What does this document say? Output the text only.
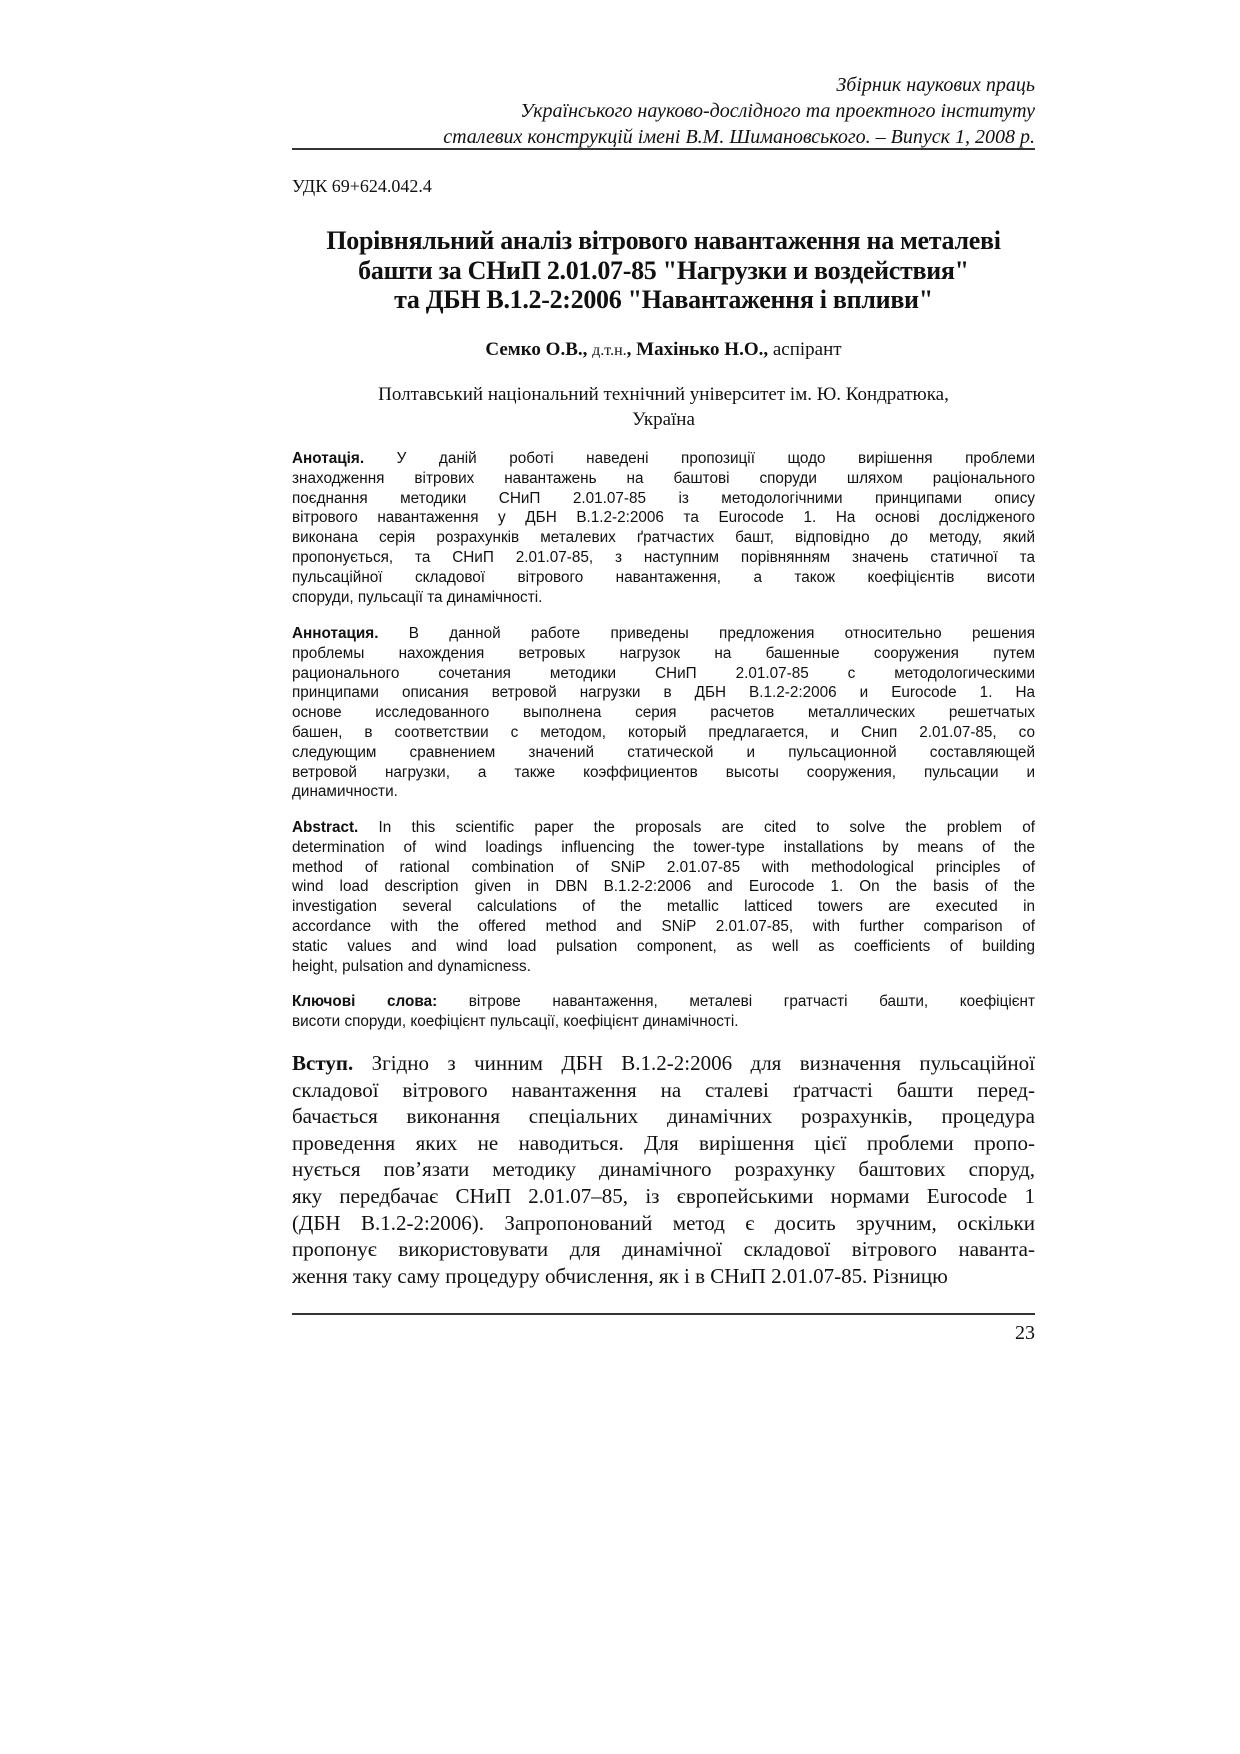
Збірник наукових праць
Українського науково-дослідного та проектного інституту
сталевих конструкцій імені В.М. Шимановського. – Випуск 1, 2008 р.
УДК 69+624.042.4
Порівняльний аналіз вітрового навантаження на металеві
башти за СНиП 2.01.07-85 "Нагрузки и воздействия"
та ДБН В.1.2-2:2006 "Навантаження і впливи"
Семко О.В., д.т.н., Махінько Н.О., аспірант
Полтавський національний технічний університет ім. Ю. Кондратюка,
Україна
Анотація. У даній роботі наведені пропозиції щодо вирішення проблеми
знаходження вітрових навантажень на баштові споруди шляхом раціонального
поєднання методики СНиП 2.01.07-85 із методологічними принципами опису
вітрового навантаження у ДБН В.1.2-2:2006 та Eurocode 1. На основі дослідженого
виконана серія розрахунків металевих ґратчастих башт, відповідно до методу, який
пропонується, та СНиП 2.01.07-85, з наступним порівнянням значень статичної та
пульсаційної складової вітрового навантаження, а також коефіцієнтів висоти
споруди, пульсації та динамічності.
Аннотация. В данной работе приведены предложения относительно решения
проблемы нахождения ветровых нагрузок на башенные сооружения путем
рационального сочетания методики СНиП 2.01.07-85 с методологическими
принципами описания ветровой нагрузки в ДБН В.1.2-2:2006 и Eurocode 1. На
основе исследованного выполнена серия расчетов металлических решетчатых
башен, в соответствии с методом, который предлагается, и Снип 2.01.07-85, со
следующим сравнением значений статической и пульсационной составляющей
ветровой нагрузки, а также коэффициентов высоты сооружения, пульсации и
динамичности.
Abstract. In this scientific paper the proposals are cited to solve the problem of
determination of wind loadings influencing the tower-type installations by means of the
method of rational combination of SNiP 2.01.07-85 with methodological principles of
wind load description given in DBN B.1.2-2:2006 and Eurocode 1. On the basis of the
investigation several calculations of the metallic latticed towers are executed in
accordance with the offered method and SNiP 2.01.07-85, with further comparison of
static values and wind load pulsation component, as well as coefficients of building
height, pulsation and dynamicness.
Ключові слова: вітрове навантаження, металеві гратчасті башти, коефіцієнт
висоти споруди, коефіцієнт пульсації, коефіцієнт динамічності.
Вступ. Згідно з чинним ДБН В.1.2-2:2006 для визначення пульсаційної
складової вітрового навантаження на сталеві ґратчасті башти перед-
бачається виконання спеціальних динамічних розрахунків, процедура
проведення яких не наводиться. Для вирішення цієї проблеми пропо-
нується пов’язати методику динамічного розрахунку баштових споруд,
яку передбачає СНиП 2.01.07–85, із європейськими нормами Eurocode 1
(ДБН В.1.2-2:2006). Запропонований метод є досить зручним, оскільки
пропонує використовувати для динамічної складової вітрового наванта-
ження таку саму процедуру обчислення, як і в СНиП 2.01.07-85. Різницю
23
